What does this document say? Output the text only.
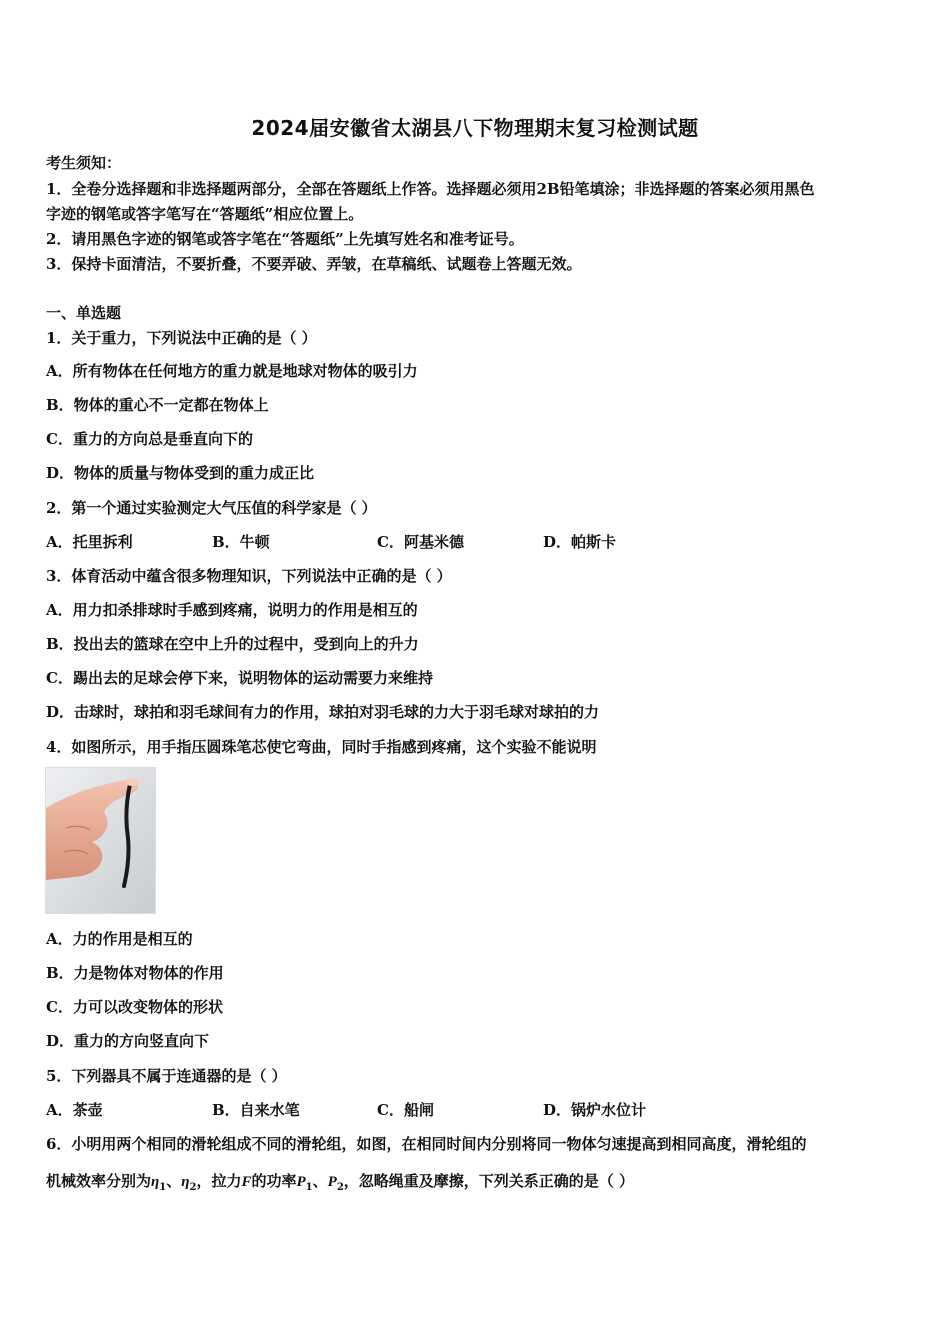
2024届安徽省太湖县八下物理期末复习检测试题
考生须知：
1．全卷分选择题和非选择题两部分，全部在答题纸上作答。选择题必须用2B铅笔填涂；非选择题的答案必须用黑色
字迹的钢笔或答字笔写在“答题纸”相应位置上。
2．请用黑色字迹的钢笔或答字笔在“答题纸”上先填写姓名和准考证号。
3．保持卡面清洁，不要折叠，不要弄破、弄皱，在草稿纸、试题卷上答题无效。
一、单选题
1．关于重力，下列说法中正确的是（ ）
A．所有物体在任何地方的重力就是地球对物体的吸引力
B．物体的重心不一定都在物体上
C．重力的方向总是垂直向下的
D．物体的质量与物体受到的重力成正比
2．第一个通过实验测定大气压值的科学家是（ ）
A．托里拆利	B．牛顿	C．阿基米德	D．帕斯卡
3．体育活动中蕴含很多物理知识，下列说法中正确的是（ ）
A．用力扣杀排球时手感到疼痛，说明力的作用是相互的
B．投出去的篮球在空中上升的过程中，受到向上的升力
C．踢出去的足球会停下来，说明物体的运动需要力来维持
D．击球时，球拍和羽毛球间有力的作用，球拍对羽毛球的力大于羽毛球对球拍的力
4．如图所示，用手指压圆珠笔芯使它弯曲，同时手指感到疼痛，这个实验不能说明
A．力的作用是相互的
B．力是物体对物体的作用
C．力可以改变物体的形状
D．重力的方向竖直向下
5．下列器具不属于连通器的是（ ）
A．茶壶	B．自来水笔	C．船闸	D．锅炉水位计
6．小明用两个相同的滑轮组成不同的滑轮组，如图，在相同时间内分别将同一物体匀速提高到相同高度，滑轮组的
机械效率分别为$\eta_1$、$\eta_2$，拉力F的功率$P_1$、$P_2$，忽略绳重及摩擦，下列关系正确的是（ ）
